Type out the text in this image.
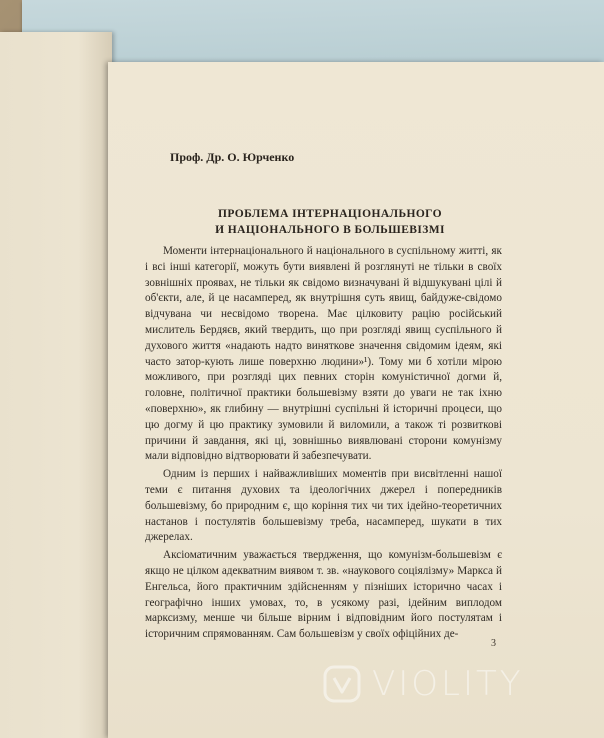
Проф. Др. О. Юрченко
ПРОБЛЕМА ІНТЕРНАЦІОНАЛЬНОГО
И НАЦІОНАЛЬНОГО В БОЛЬШЕВІЗМІ

Моменти інтернаціонального й національного в суспільному житті, як і всі інші категорії, можуть бути виявлені й розглянуті не тільки в своїх зовнішніх проявах, не тільки як свідомо визначувані й відшукувані цілі й об'єкти, але, й це насамперед, як внутрішня суть явищ, байдуже-свідомо відчувана чи несвідомо творена. Має цілковиту рацію російський мислитель Бердяєв, який твердить, що при розгляді явищ суспільного й духового життя «надають надто виняткове значення свідомим ідеям, які часто затор-кують лише поверхню людини»¹). Тому ми б хотіли мірою можливого, при розгляді цих певних сторін комуністичної догми й, головне, політичної практики большевізму взяти до уваги не так іхню «поверхню», як глибину — внутрішні суспільні й історичні процеси, що цю догму й цю практику зумовили й виломили, а також ті розвиткові причини й завдання, які ці, зовнішньо виявлювані сторони комунізму мали відповідно відтворювати й забезпечувати.

Одним із перших і найважливіших моментів при висвітленні нашої теми є питання духових та ідеологічних джерел і попередників большевізму, бо природним є, що коріння тих чи тих ідейно-теоретичних настанов і постулятів большевізму треба, насамперед, шукати в тих джерелах.

Аксіоматичним уважається твердження, що комунізм-большевізм є якщо не цілком адекватним виявом т. зв. «наукового соціялізму» Маркса й Енгельса, його практичним здійсненням у пізніших історично часах і географічно інших умовах, то, в усякому разі, ідейним виплодом марксизму, менше чи більше вірним і відповідним його постулятам і історичним спрямованням. Сам большевізм у своїх офіційних де-

3
VIOLITY
